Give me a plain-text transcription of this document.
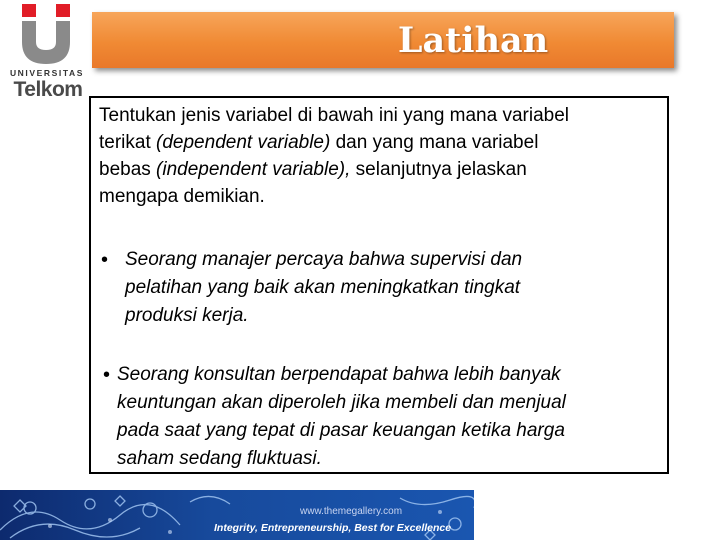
UNIVERSITAS
Telkom
Latihan
Tentukan jenis variabel di bawah ini yang mana variabel
terikat (dependent variable) dan yang mana variabel
bebas (independent variable), selanjutnya jelaskan
mengapa demikian.
• Seorang manajer percaya bahwa supervisi dan
pelatihan yang baik akan meningkatkan tingkat
produksi kerja.
• Seorang konsultan berpendapat bahwa lebih banyak
keuntungan akan diperoleh jika membeli dan menjual
pada saat yang tepat di pasar keuangan ketika harga
saham sedang fluktuasi.
www.themegallery.com
Integrity, Entrepreneurship, Best for Excellence
